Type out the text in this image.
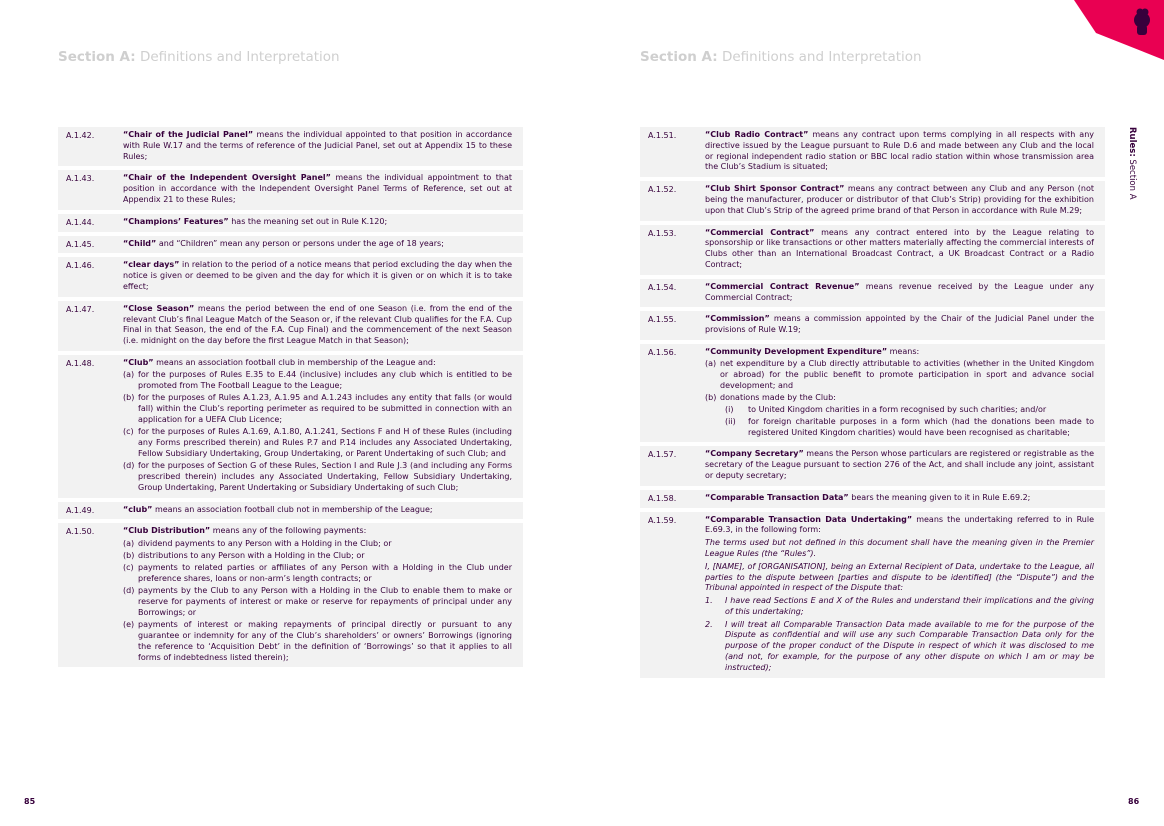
Section A: Definitions and Interpretation	Section A: Definitions and Interpretation
Rules: Section A
A.1.42.	“Chair of the Judicial Panel” means the individual appointed to that position in accordance with Rule W.17 and the terms of reference of the Judicial Panel, set out at Appendix 15 to these Rules;
A.1.43.	“Chair of the Independent Oversight Panel” means the individual appointment to that position in accordance with the Independent Oversight Panel Terms of Reference, set out at Appendix 21 to these Rules;
A.1.44.	“Champions’ Features” has the meaning set out in Rule K.120;
A.1.45.	“Child” and “Children” mean any person or persons under the age of 18 years;
A.1.46.	“clear days” in relation to the period of a notice means that period excluding the day when the notice is given or deemed to be given and the day for which it is given or on which it is to take effect;
A.1.47.	“Close Season” means the period between the end of one Season (i.e. from the end of the relevant Club’s final League Match of the Season or, if the relevant Club qualifies for the F.A. Cup Final in that Season, the end of the F.A. Cup Final) and the commencement of the next Season (i.e. midnight on the day before the first League Match in that Season);
A.1.48.	“Club” means an association football club in membership of the League and:
(a) for the purposes of Rules E.35 to E.44 (inclusive) includes any club which is entitled to be promoted from The Football League to the League;
(b) for the purposes of Rules A.1.23, A.1.95 and A.1.243 includes any entity that falls (or would fall) within the Club’s reporting perimeter as required to be submitted in connection with an application for a UEFA Club Licence;
(c) for the purposes of Rules A.1.69, A.1.80, A.1.241, Sections F and H of these Rules (including any Forms prescribed therein) and Rules P.7 and P.14 includes any Associated Undertaking, Fellow Subsidiary Undertaking, Group Undertaking, or Parent Undertaking of such Club; and
(d) for the purposes of Section G of these Rules, Section I and Rule J.3 (and including any Forms prescribed therein) includes any Associated Undertaking, Fellow Subsidiary Undertaking, Group Undertaking, Parent Undertaking or Subsidiary Undertaking of such Club;
A.1.49.	“club” means an association football club not in membership of the League;
A.1.50.	“Club Distribution” means any of the following payments:
(a) dividend payments to any Person with a Holding in the Club; or
(b) distributions to any Person with a Holding in the Club; or
(c) payments to related parties or affiliates of any Person with a Holding in the Club under preference shares, loans or non-arm’s length contracts; or
(d) payments by the Club to any Person with a Holding in the Club to enable them to make or reserve for payments of interest or make or reserve for repayments of principal under any Borrowings; or
(e) payments of interest or making repayments of principal directly or pursuant to any guarantee or indemnity for any of the Club’s shareholders’ or owners’ Borrowings (ignoring the reference to ‘Acquisition Debt’ in the definition of ‘Borrowings’ so that it applies to all forms of indebtedness listed therein);
A.1.51.	“Club Radio Contract” means any contract upon terms complying in all respects with any directive issued by the League pursuant to Rule D.6 and made between any Club and the local or regional independent radio station or BBC local radio station within whose transmission area the Club’s Stadium is situated;
A.1.52.	“Club Shirt Sponsor Contract” means any contract between any Club and any Person (not being the manufacturer, producer or distributor of that Club’s Strip) providing for the exhibition upon that Club’s Strip of the agreed prime brand of that Person in accordance with Rule M.29;
A.1.53.	“Commercial Contract” means any contract entered into by the League relating to sponsorship or like transactions or other matters materially affecting the commercial interests of Clubs other than an International Broadcast Contract, a UK Broadcast Contract or a Radio Contract;
A.1.54.	“Commercial Contract Revenue” means revenue received by the League under any Commercial Contract;
A.1.55.	“Commission” means a commission appointed by the Chair of the Judicial Panel under the provisions of Rule W.19;
A.1.56.	“Community Development Expenditure” means:
(a) net expenditure by a Club directly attributable to activities (whether in the United Kingdom or abroad) for the public benefit to promote participation in sport and advance social development; and
(b) donations made by the Club:
(i)	to United Kingdom charities in a form recognised by such charities; and/or
(ii)	for foreign charitable purposes in a form which (had the donations been made to registered United Kingdom charities) would have been recognised as charitable;
A.1.57.	“Company Secretary” means the Person whose particulars are registered or registrable as the secretary of the League pursuant to section 276 of the Act, and shall include any joint, assistant or deputy secretary;
A.1.58.	“Comparable Transaction Data” bears the meaning given to it in Rule E.69.2;
A.1.59.	“Comparable Transaction Data Undertaking” means the undertaking referred to in Rule E.69.3, in the following form:
The terms used but not defined in this document shall have the meaning given in the Premier League Rules (the “Rules”).
I, [NAME], of [ORGANISATION], being an External Recipient of Data, undertake to the League, all parties to the dispute between [parties and dispute to be identified] (the “Dispute”) and the Tribunal appointed in respect of the Dispute that:
1.	I have read Sections E and X of the Rules and understand their implications and the giving of this undertaking;
2.	I will treat all Comparable Transaction Data made available to me for the purpose of the Dispute as confidential and will use any such Comparable Transaction Data only for the purpose of the proper conduct of the Dispute in respect of which it was disclosed to me (and not, for example, for the purpose of any other dispute on which I am or may be instructed);
85	86
